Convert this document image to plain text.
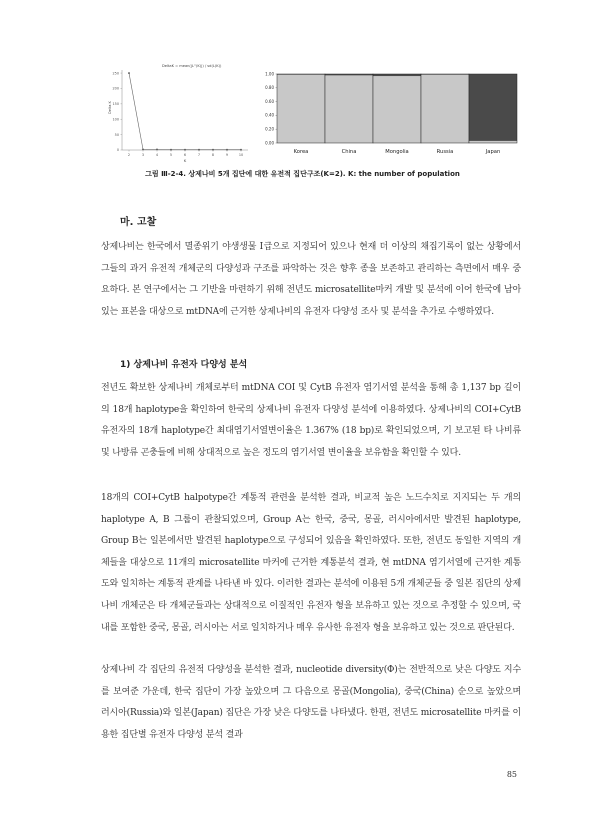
DeltaK = mean(|L''(K)|) / sd(L(K))
Delta K
0
50
100
150
200
250
2	3	4	5	6	7	8	9	10
K
1.00
0.80
0.60
0.40
0.20
0.00
Korea	China	Mongolia	Russia	Japan
그림 Ⅲ-2-4. 상제나비 5개 집단에 대한 유전적 집단구조(K=2). K: the number of population
마. 고찰
상제나비는 한국에서 멸종위기 야생생물 Ⅰ급으로 지정되어 있으나 현재 더 이상의 채집기록이 없는 상황에서 그들의 과거 유전적 개체군의 다양성과 구조를 파악하는 것은 향후 종을 보존하고 관리하는 측면에서 매우 중요하다. 본 연구에서는 그 기반을 마련하기 위해 전년도 microsatellite마커 개발 및 분석에 이어 한국에 남아있는 표본을 대상으로 mtDNA에 근거한 상제나비의 유전자 다양성 조사 및 분석을 추가로 수행하였다.
1) 상제나비 유전자 다양성 분석
전년도 확보한 상제나비 개체로부터 mtDNA COI 및 CytB 유전자 염기서열 분석을 통해 총 1,137 bp 길이의 18개 haplotype을 확인하여 한국의 상제나비 유전자 다양성 분석에 이용하였다. 상제나비의 COI+CytB 유전자의 18개 haplotype간 최대염기서열변이율은 1.367% (18 bp)로 확인되었으며, 기 보고된 타 나비류 및 나방류 곤충들에 비해 상대적으로 높은 정도의 염기서열 변이율을 보유함을 확인할 수 있다.
18개의 COI+CytB halpotype간 계통적 관련을 분석한 결과, 비교적 높은 노드수치로 지지되는 두 개의 haplotype A, B 그룹이 관찰되었으며, Group A는 한국, 중국, 몽골, 러시아에서만 발견된 haplotype, Group B는 일본에서만 발견된 haplotype으로 구성되어 있음을 확인하였다. 또한, 전년도 동일한 지역의 개체들을 대상으로 11개의 microsatellite 마커에 근거한 계통분석 결과, 현 mtDNA 염기서열에 근거한 계통도와 일치하는 계통적 관계를 나타낸 바 있다. 이러한 결과는 분석에 이용된 5개 개체군들 중 일본 집단의 상제나비 개체군은 타 개체군들과는 상대적으로 이질적인 유전자 형을 보유하고 있는 것으로 추정할 수 있으며, 국내를 포함한 중국, 몽골, 러시아는 서로 일치하거나 매우 유사한 유전자 형을 보유하고 있는 것으로 판단된다.
상제나비 각 집단의 유전적 다양성을 분석한 결과, nucleotide diversity(Φ)는 전반적으로 낮은 다양도 지수를 보여준 가운데, 한국 집단이 가장 높았으며 그 다음으로 몽골(Mongolia), 중국(China) 순으로 높았으며 러시아(Russia)와 일본(Japan) 집단은 가장 낮은 다양도를 나타냈다. 한편, 전년도 microsatellite 마커를 이용한 집단별 유전자 다양성 분석 결과
85
